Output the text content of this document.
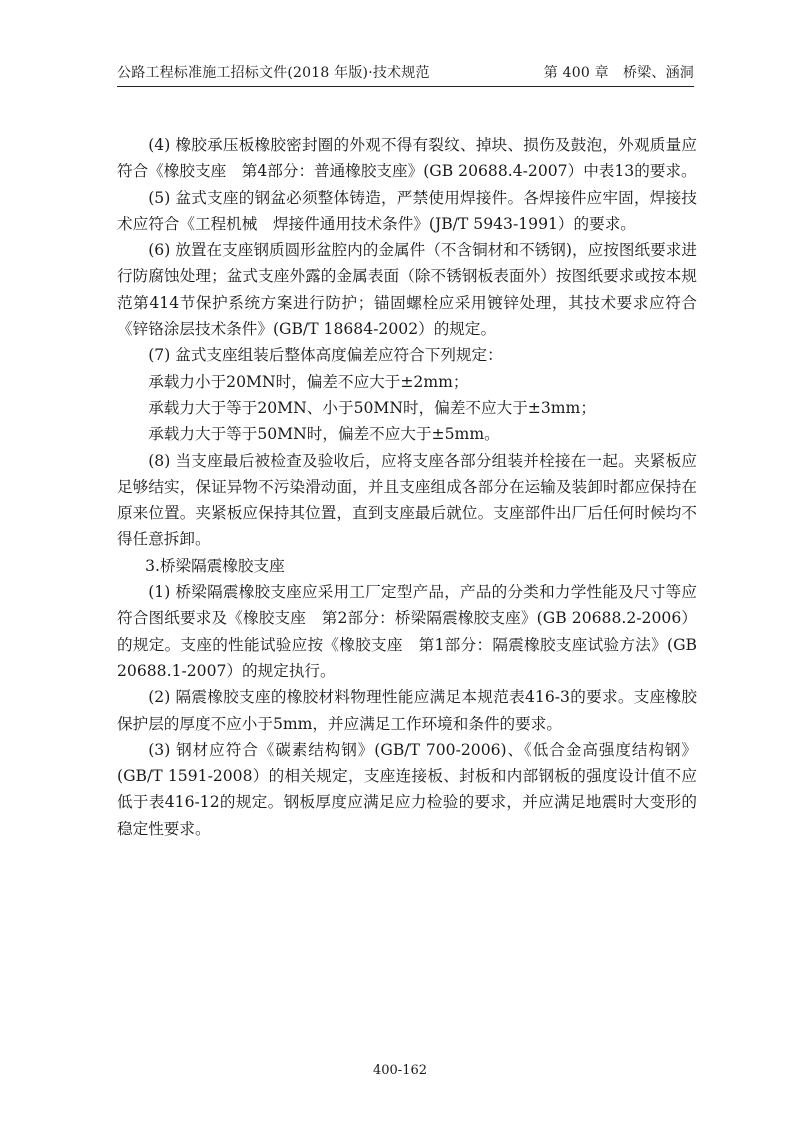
公路工程标准施工招标文件(2018 年版)·技术规范	第 400 章　桥梁、涵洞

(4) 橡胶承压板橡胶密封圈的外观不得有裂纹、掉块、损伤及鼓泡，外观质量应符合《橡胶支座　第4部分：普通橡胶支座》(GB 20688.4-2007）中表13的要求。

(5) 盆式支座的钢盆必须整体铸造，严禁使用焊接件。各焊接件应牢固，焊接技术应符合《工程机械　焊接件通用技术条件》(JB/T 5943-1991）的要求。

(6) 放置在支座钢质圆形盆腔内的金属件（不含铜材和不锈钢)，应按图纸要求进行防腐蚀处理；盆式支座外露的金属表面（除不锈钢板表面外）按图纸要求或按本规范第414节保护系统方案进行防护；锚固螺栓应采用镀锌处理，其技术要求应符合《锌铬涂层技术条件》(GB/T 18684-2002）的规定。

(7) 盆式支座组装后整体高度偏差应符合下列规定：

承载力小于20MN时，偏差不应大于±2mm；

承载力大于等于20MN、小于50MN时，偏差不应大于±3mm；

承载力大于等于50MN时，偏差不应大于±5mm。

(8) 当支座最后被检查及验收后，应将支座各部分组装并栓接在一起。夹紧板应足够结实，保证异物不污染滑动面，并且支座组成各部分在运输及装卸时都应保持在原来位置。夹紧板应保持其位置，直到支座最后就位。支座部件出厂后任何时候均不得任意拆卸。

3.桥梁隔震橡胶支座

(1) 桥梁隔震橡胶支座应采用工厂定型产品，产品的分类和力学性能及尺寸等应符合图纸要求及《橡胶支座　第2部分：桥梁隔震橡胶支座》(GB 20688.2-2006）的规定。支座的性能试验应按《橡胶支座　第1部分：隔震橡胶支座试验方法》(GB 20688.1-2007）的规定执行。

(2) 隔震橡胶支座的橡胶材料物理性能应满足本规范表416-3的要求。支座橡胶保护层的厚度不应小于5mm，并应满足工作环境和条件的要求。

(3) 钢材应符合《碳素结构钢》(GB/T 700-2006)、《低合金高强度结构钢》(GB/T 1591-2008）的相关规定，支座连接板、封板和内部钢板的强度设计值不应低于表416-12的规定。钢板厚度应满足应力检验的要求，并应满足地震时大变形的稳定性要求。

400-162
